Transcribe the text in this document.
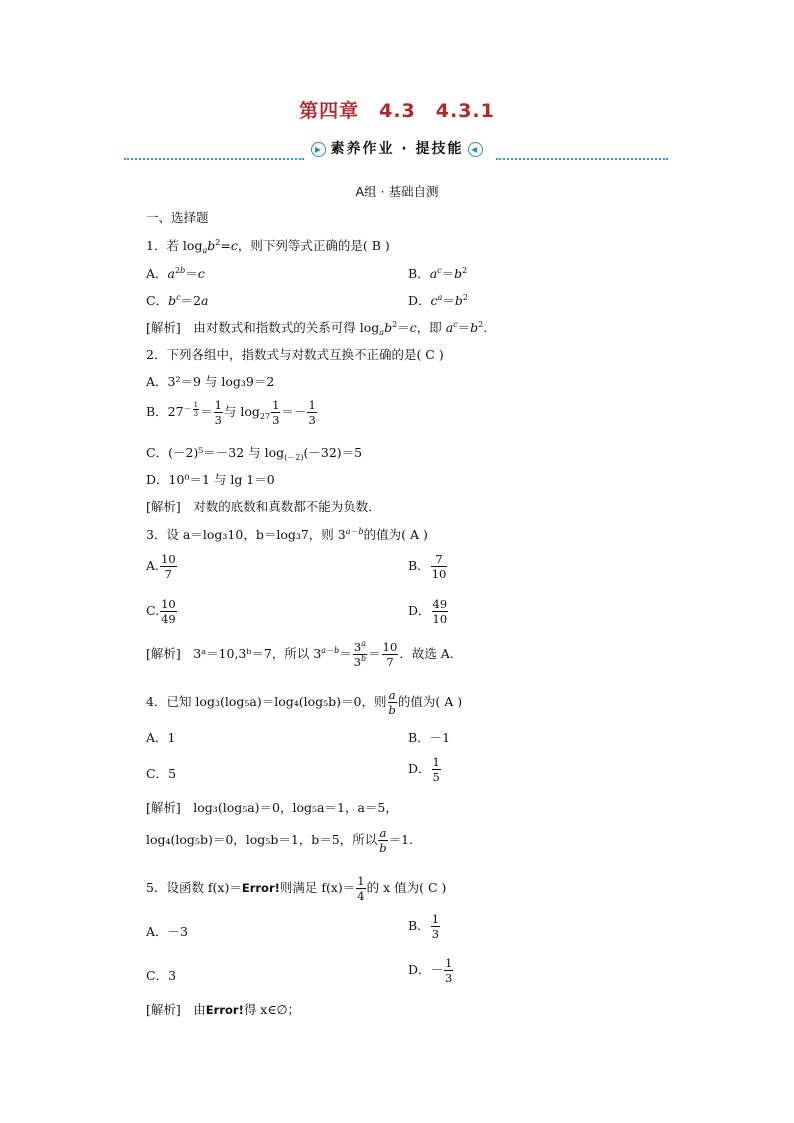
第四章　4.3　4.3.1
▶ 素养作业 · 提技能 ◀
A组 · 基础自测
一、选择题
1．若 $\log_ab^2=c$，则下列等式正确的是( B )
A．$a^{2b}=c$	B．$a^c=b^2$
C．$b^c=2a$	D．$c^a=b^2$
[解析]　 由对数式和指数式的关系可得 $\log_ab^2=c$，即 $a^c=b^2$.
2．下列各组中，指数式与对数式互换不正确的是( C )
A．3²＝9 与 log₃9＝2
B．$27^{- \frac{1}{3}} = \frac{1}{3}$ 与 $\log_{27} \frac{1}{3} =- \frac{1}{3}$
C．(－2)⁵＝－32 与 $\log_{(-2)}(-32)=5$
D．10⁰＝1 与 lg 1＝0
[解析]　 对数的底数和真数都不能为负数．
3．设 a＝log₃10，b＝log₃7，则 $3^{a-b}$的值为( A )
A. $\frac{10}{7}$	B． $\frac{7}{10}$
C. $\frac{10}{49}$	D． $\frac{49}{10}$
[解析]　 3ᵃ＝10,3ᵇ＝7，所以 $3^{a-b}= \frac{3^a}{3^b} = \frac{10}{7}$ ．故选 A.
4．已知 log₃(log₅a)＝log₄(log₅b)＝0，则 $\frac{a}{b}$ 的值为( A )
A．1	B．－1
C．5	D． $\frac{1}{5}$
[解析]　 log₃(log₅a)＝0，log₅a＝1，a＝5，
log₄(log₅b)＝0，log₅b＝1，b＝5，所以 $\frac{a}{b} =1$.
5．设函数 f(x)＝Error!则满足 $f(x)= \frac{1}{4}$ 的 x 值为( C )
A．－3	B． $\frac{1}{3}$
C．3	D．－ $\frac{1}{3}$
[解析]　 由Error!得 x∈∅；
